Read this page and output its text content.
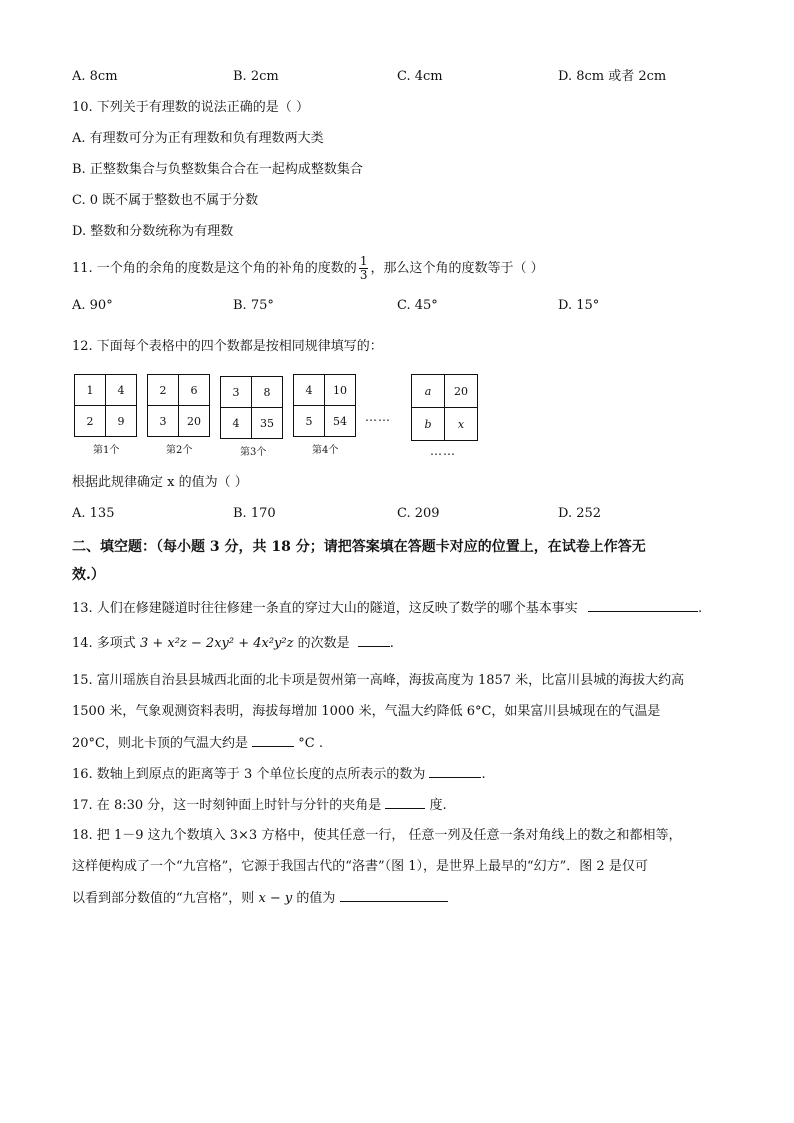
A. 8cm	B. 2cm	C. 4cm	D. 8cm 或者 2cm
10. 下列关于有理数的说法正确的是（ ）
A. 有理数可分为正有理数和负有理数两大类
B. 正整数集合与负整数集合合在一起构成整数集合
C. 0 既不属于整数也不属于分数
D. 整数和分数统称为有理数
11. 一个角的余角的度数是这个角的补角的度数的 $\frac{1}{3}$ ，那么这个角的度数等于（ ）
A. 90°	B. 75°	C. 45°	D. 15°
12. 下面每个表格中的四个数都是按相同规律填写的：
1	4
2	9
第1个
2	6
3	20
第2个
3	8
4	35
第3个
4	10
5	54
第4个
……
a	20
b	x
……
根据此规律确定 x 的值为（ ）
A. 135	B. 170	C. 209	D. 252
二、填空题：（每小题 3 分，共 18 分；请把答案填在答题卡对应的位置上，在试卷上作答无
效.）
13. 人们在修建隧道时往往修建一条直的穿过大山的隧道，这反映了数学的哪个基本事实	.
14. 多项式 3 + x²z − 2xy² + 4x²y²z 的次数是	.
15. 富川瑶族自治县县城西北面的北卡项是贺州第一高峰，海拔高度为 1857 米，比富川县城的海拔大约高
1500 米，气象观测资料表明，海拔每增加 1000 米，气温大约降低 6°C，如果富川县城现在的气温是
20°C，则北卡顶的气温大约是	°C .
16. 数轴上到原点的距离等于 3 个单位长度的点所表示的数为	.
17. 在 8:30 分，这一时刻钟面上时针与分针的夹角是	度.
18. 把 1－9 这九个数填入 3×3 方格中，使其任意一行， 任意一列及任意一条对角线上的数之和都相等，
这样便构成了一个“九宫格”，它源于我国古代的“洛書”（图 1），是世界上最早的“幻方”．图 2 是仅可
以看到部分数值的“九宫格”，则 x − y 的值为
